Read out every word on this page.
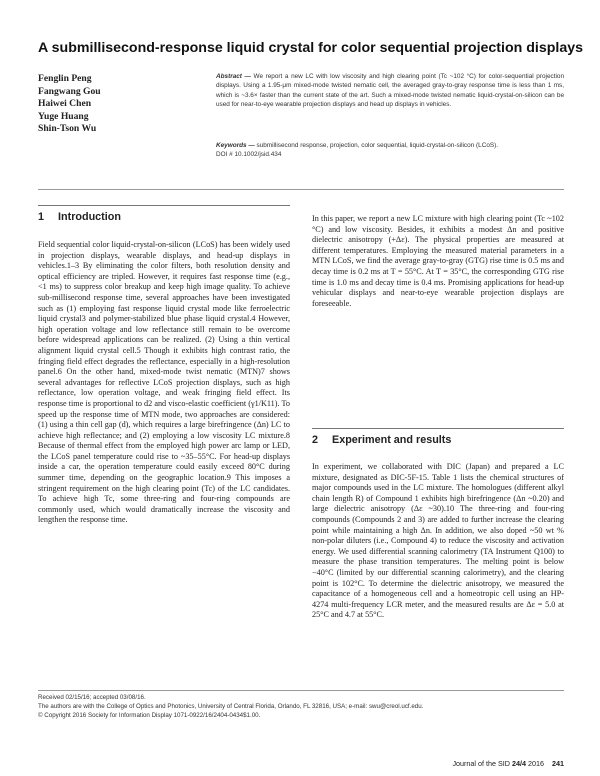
A submillisecond-response liquid crystal for color sequential projection displays
Fenglin Peng
Fangwang Gou
Haiwei Chen
Yuge Huang
Shin-Tson Wu
Abstract — We report a new LC with low viscosity and high clearing point (Tc ~102 °C) for color-sequential projection displays. Using a 1.95-μm mixed-mode twisted nematic cell, the averaged gray-to-gray response time is less than 1 ms, which is ~3.6× faster than the current state of the art. Such a mixed-mode twisted nematic liquid-crystal-on-silicon can be used for near-to-eye wearable projection displays and head up displays in vehicles.
Keywords — submillisecond response, projection, color sequential, liquid-crystal-on-silicon (LCoS).
DOI # 10.1002/jsid.434
1	Introduction
Field sequential color liquid-crystal-on-silicon (LCoS) has been widely used in projection displays, wearable displays, and head-up displays in vehicles.1–3 By eliminating the color filters, both resolution density and optical efficiency are tripled. However, it requires fast response time (e.g., <1 ms) to suppress color breakup and keep high image quality. To achieve sub-millisecond response time, several approaches have been investigated such as (1) employing fast response liquid crystal mode like ferroelectric liquid crystal3 and polymer-stabilized blue phase liquid crystal.4 However, high operation voltage and low reflectance still remain to be overcome before widespread applications can be realized. (2) Using a thin vertical alignment liquid crystal cell.5 Though it exhibits high contrast ratio, the fringing field effect degrades the reflectance, especially in a high-resolution panel.6 On the other hand, mixed-mode twist nematic (MTN)7 shows several advantages for reflective LCoS projection displays, such as high reflectance, low operation voltage, and weak fringing field effect. Its response time is proportional to d2 and visco-elastic coefficient (γ1/K11). To speed up the response time of MTN mode, two approaches are considered: (1) using a thin cell gap (d), which requires a large birefringence (Δn) LC to achieve high reflectance; and (2) employing a low viscosity LC mixture.8 Because of thermal effect from the employed high power arc lamp or LED, the LCoS panel temperature could rise to ~35–55°C. For head-up displays inside a car, the operation temperature could easily exceed 80°C during summer time, depending on the geographic location.9 This imposes a stringent requirement on the high clearing point (Tc) of the LC candidates. To achieve high Tc, some three-ring and four-ring compounds are commonly used, which would dramatically increase the viscosity and lengthen the response time.
In this paper, we report a new LC mixture with high clearing point (Tc ~102 °C) and low viscosity. Besides, it exhibits a modest Δn and positive dielectric anisotropy (+Δε). The physical properties are measured at different temperatures. Employing the measured material parameters in a MTN LCoS, we find the average gray-to-gray (GTG) rise time is 0.5 ms and decay time is 0.2 ms at T = 55°C. At T = 35°C, the corresponding GTG rise time is 1.0 ms and decay time is 0.4 ms. Promising applications for head-up vehicular displays and near-to-eye wearable projection displays are foreseeable.
2	Experiment and results
In experiment, we collaborated with DIC (Japan) and prepared a LC mixture, designated as DIC-5F-15. Table 1 lists the chemical structures of major compounds used in the LC mixture. The homologues (different alkyl chain length R) of Compound 1 exhibits high birefringence (Δn ~0.20) and large dielectric anisotropy (Δε ~30).10 The three-ring and four-ring compounds (Compounds 2 and 3) are added to further increase the clearing point while maintaining a high Δn. In addition, we also doped ~50 wt % non-polar diluters (i.e., Compound 4) to reduce the viscosity and activation energy. We used differential scanning calorimetry (TA Instrument Q100) to measure the phase transition temperatures. The melting point is below −40°C (limited by our differential scanning calorimetry), and the clearing point is 102°C. To determine the dielectric anisotropy, we measured the capacitance of a homogeneous cell and a homeotropic cell using an HP-4274 multi-frequency LCR meter, and the measured results are Δε = 5.0 at 25°C and 4.7 at 55°C.
Received 02/15/16; accepted 03/08/16.
The authors are with the College of Optics and Photonics, University of Central Florida, Orlando, FL 32816, USA; e-mail: swu@creol.ucf.edu.
© Copyright 2016 Society for Information Display 1071-0922/16/2404-0434$1.00.
Journal of the SID 24/4 2016 241
